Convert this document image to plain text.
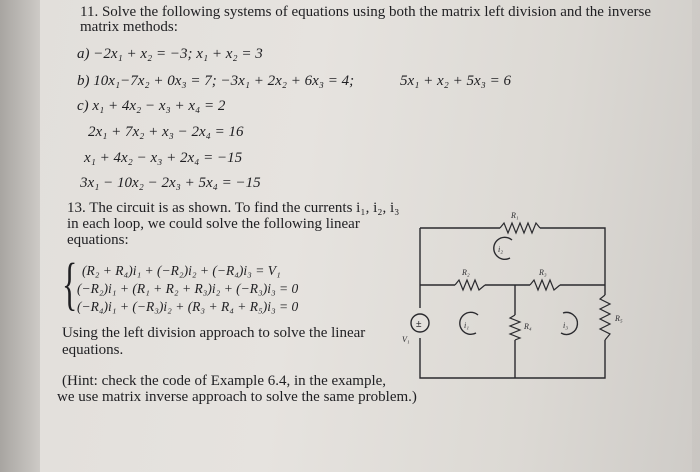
11. Solve the following systems of equations using both the matrix left division and the inverse
matrix methods:
a) −2x₁ + x₂ = −3; x₁ + x₂ = 3
b) 10x₁−7x₂ + 0x₃ = 7; −3x₁ + 2x₂ + 6x₃ = 4;	5x₁ + x₂ + 5x₃ = 6
c) x₁ + 4x₂ − x₃ + x₄ = 2
2x₁ + 7x₂ + x₃ − 2x₄ = 16
x₁ + 4x₂ − x₃ + 2x₄ = −15
3x₁ − 10x₂ − 2x₃ + 5x₄ = −15
13. The circuit is as shown. To find the currents i₁, i₂, i₃
in each loop, we could solve the following linear
equations:
{ (R₂ + R₄)i₁ + (−R₂)i₂ + (−R₄)i₃ = V₁
(−R₂)i₁ + (R₁ + R₂ + R₃)i₂ + (−R₃)i₃ = 0
(−R₄)i₁ + (−R₃)i₂ + (R₃ + R₄ + R₅)i₃ = 0
Using the left division approach to solve the linear
equations.
(Hint: check the code of Example 6.4, in the example,
we use matrix inverse approach to solve the same problem.)
±
R₁
R₂	R₃
R₄
R₅
V₁
i₁
i₂
i₃
